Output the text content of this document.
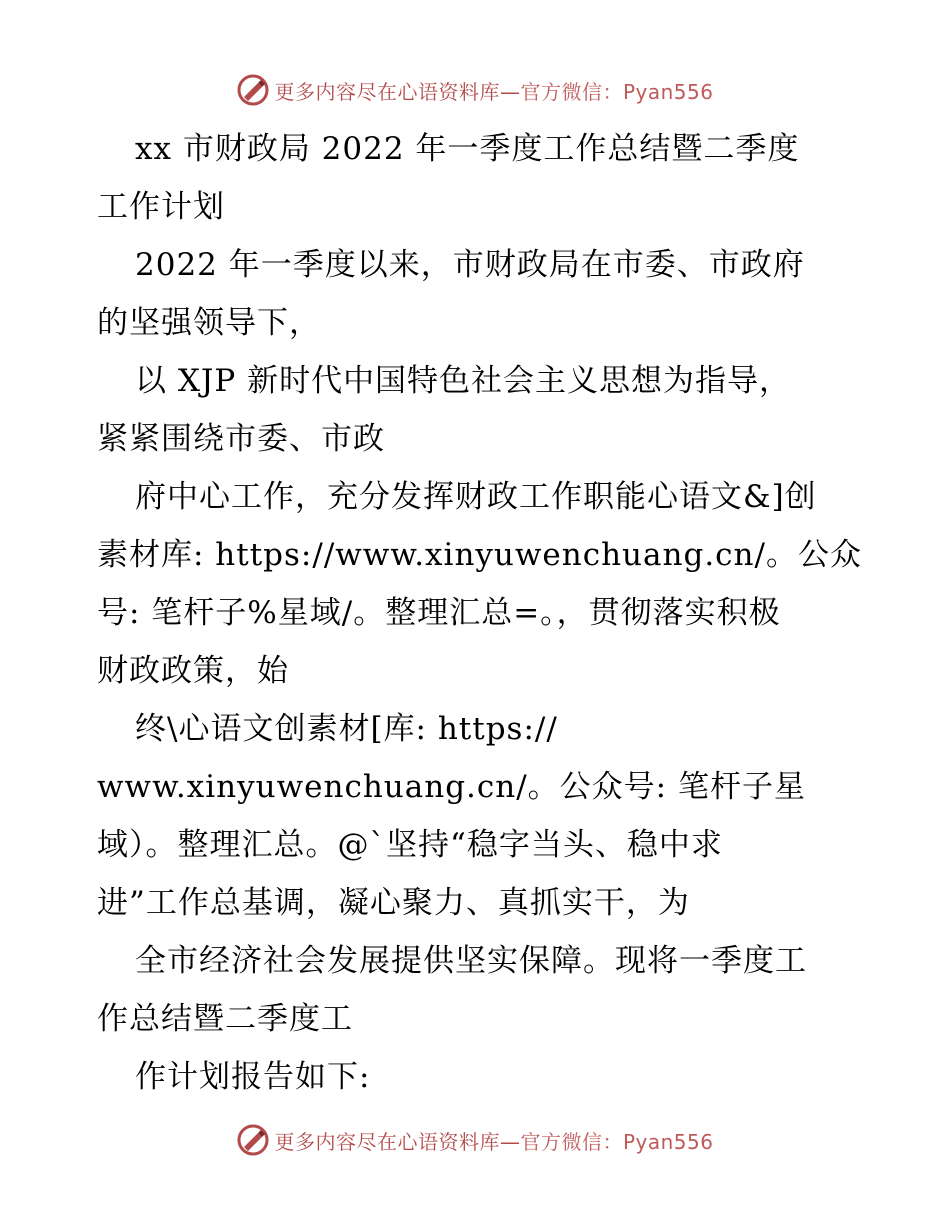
更多内容尽在心语资料库—官方微信：Pyan556
xx 市财政局 2022 年一季度工作总结暨二季度
工作计划
2022 年一季度以来，市财政局在市委、市政府
的坚强领导下，
以 XJP 新时代中国特色社会主义思想为指导，
紧紧围绕市委、市政
府中心工作，充分发挥财政工作职能心语文&]创
素材库: https://www.xinyuwenchuang.cn/。公众
号: 笔杆子%星域/。整理汇总=。，贯彻落实积极
财政政策，始
终\心语文创素材[库: https://
www.xinyuwenchuang.cn/。公众号: 笔杆子星
域）。整理汇总。@`坚持“稳字当头、稳中求
进”工作总基调，凝心聚力、真抓实干，为
全市经济社会发展提供坚实保障。现将一季度工
作总结暨二季度工
作计划报告如下:
更多内容尽在心语资料库—官方微信：Pyan556
